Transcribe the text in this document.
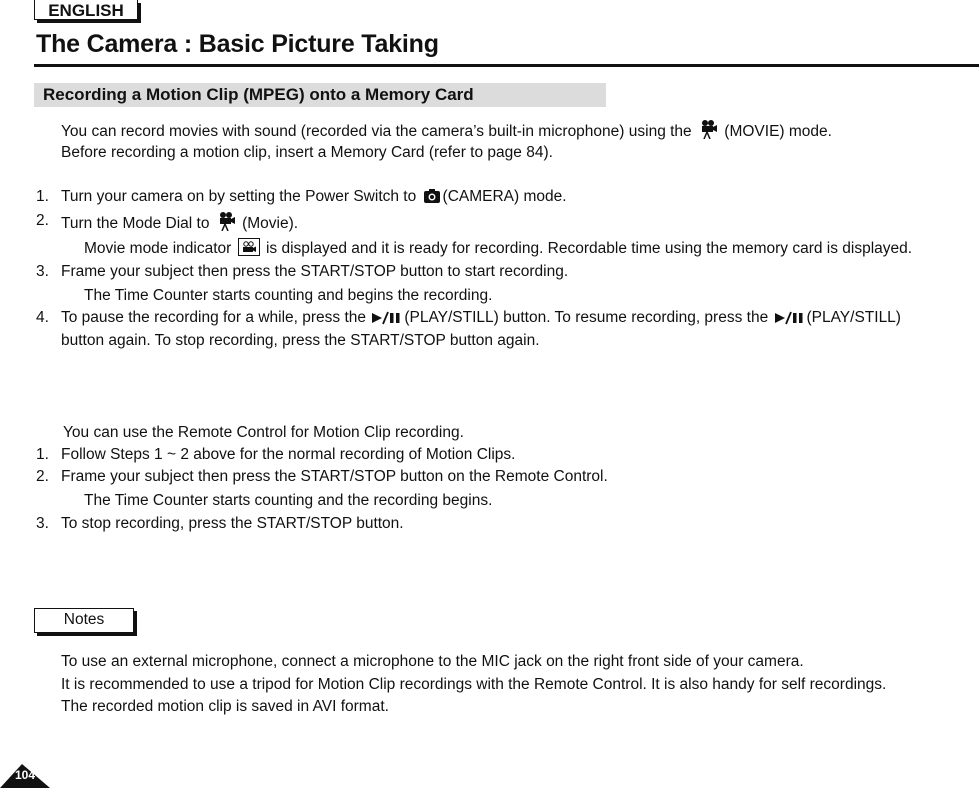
ENGLISH
The Camera : Basic Picture Taking
Recording a Motion Clip (MPEG) onto a Memory Card
You can record movies with sound (recorded via the camera’s built-in microphone) using the (MOVIE) mode.
Before recording a motion clip, insert a Memory Card (refer to page 84).
1. Turn your camera on by setting the Power Switch to (CAMERA) mode.
2. Turn the Mode Dial to (Movie).
Movie mode indicator is displayed and it is ready for recording. Recordable time using the memory card is displayed.
3. Frame your subject then press the START/STOP button to start recording.
The Time Counter starts counting and begins the recording.
4. To pause the recording for a while, press the (PLAY/STILL) button. To resume recording, press the (PLAY/STILL)
button again. To stop recording, press the START/STOP button again.
You can use the Remote Control for Motion Clip recording.
1. Follow Steps 1 ~ 2 above for the normal recording of Motion Clips.
2. Frame your subject then press the START/STOP button on the Remote Control.
The Time Counter starts counting and the recording begins.
3. To stop recording, press the START/STOP button.
Notes
To use an external microphone, connect a microphone to the MIC jack on the right front side of your camera.
It is recommended to use a tripod for Motion Clip recordings with the Remote Control. It is also handy for self recordings.
The recorded motion clip is saved in AVI format.
104
